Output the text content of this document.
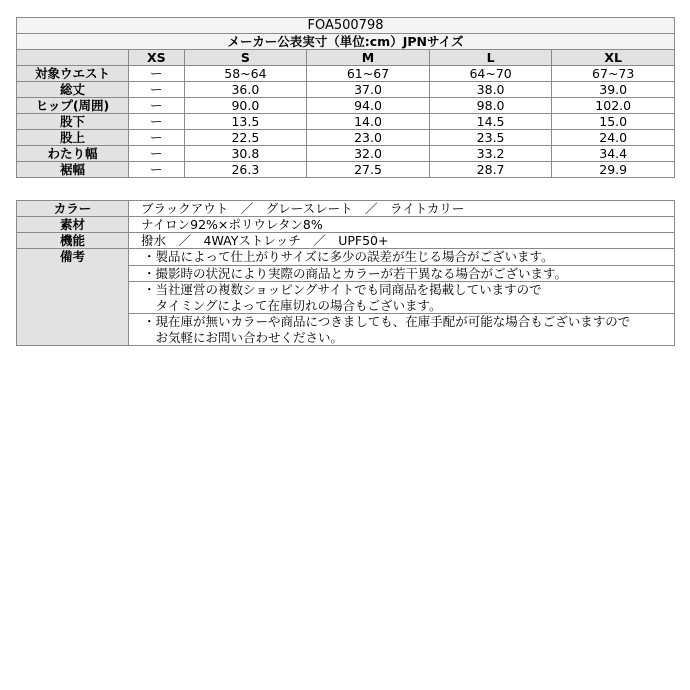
FOA500798					
メーカー公表実寸（単位:cm）JPNサイズ					
	XS	S	M	L	XL
対象ウエスト	ー	58~64	61~67	64~70	67~73
総丈	ー	36.0	37.0	38.0	39.0
ヒップ(周囲)	ー	90.0	94.0	98.0	102.0
股下	ー	13.5	14.0	14.5	15.0
股上	ー	22.5	23.0	23.5	24.0
わたり幅	ー	30.8	32.0	33.2	34.4
裾幅	ー	26.3	27.5	28.7	29.9
カラー	ブラックアウト　／　グレースレート　／　ライトカリー
素材	ナイロン92%×ポリウレタン8%
機能	撥水　／　4WAYストレッチ　／　UPF50+
備考	・製品によって仕上がりサイズに多少の誤差が生じる場合がございます。

	・撮影時の状況により実際の商品とカラーが若干異なる場合がございます。

	・当社運営の複数ショッピングサイトでも同商品を掲載していますので
　タイミングによって在庫切れの場合もございます。

	・現在庫が無いカラーや商品につきましても、在庫手配が可能な場合もございますので
　お気軽にお問い合わせください。
